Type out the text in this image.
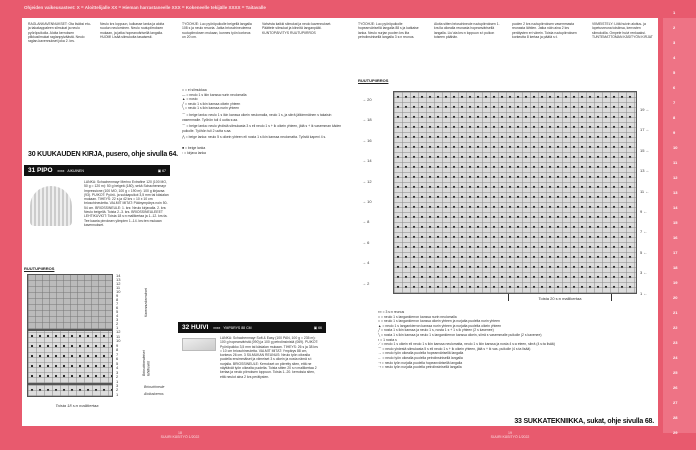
Ohjeiden vaikeusasteet: X = Aloittelijalle XX = Hieman harrastaneelle XXX = Kokeneelle tekijälle XXXX = Taitavalle
RAGLANKAVENNUKSET: Ota lisäksi etu- ja takakappaleen silmukat ja neulo pyöröpuikolla. Aloita kerroksen pilkkusilmukat raglanpylväästä. Neulo raglan-kavennukset joka 2. krs.
Neulo krs loppuun, kulkasse lanka ja aloita ruudun neulominen. Neulo ruutupiirroksen mukaan, ja jatka hopeanvärisellä langalla. HUOM! Lisää silmukoita tasaisesti.
TYÖOHJE: Luo pyöröpuikolle beigellä langalla 108 s ja neulo resoria. Jatka brioschineuleena ruutupiirroksen mukaan, kunnes työn korkeus on 20 cm.
Vahvista kaikki silmukat ja neulo kavennukset. Päättele silmukat ja kiinnitä langanpäät. KUNTOPÄIVITYS RUUTUPIIRROS
30 KUUKAUDEN KIRJA, pusero, ohje sivulla 64.
31 PIPO xxxx AIKUINEN	▣ 67
LANKA: Schachenmayr Merino Extrafine 120 (100 MO, 50 g = 120 m): 50 g beigeä (180), sekä Schachenmayr Impressione (100 MO, 100 g = 190 m): 100 g kirjavaa (93). PUIKOT: Pyörö- ja sukkapuikot 3,5 mm tai käsialan mukaan. TIHEYS: 22 s ja 42 krs = 10 x 10 cm brioschineuletta. VALMIT MITAT: Päänympärys noin 50-54 cm. BRIOSSINEULE: 1. krs: Neulo kirjavalla. 2. krs: Neulo beigellä. Toista 2.-3. krs. BRIOSSINEULEEET LEHTIKUVIOT: Toista 18 s:n mallikertaa ja 1.-12. krs:ta. Tee kaaria pirroksen ylimpien 1.-14. krs:ten mukaan kavennukset.
RUUTUPIIRROS
14
13
12
11
10
9
8
7
6
5
4
3
2
1
12
11
10
9
8
7
6
5
4
3
2
1
3
2
1
Kavennuskerrokset
Brioschineuleiset lehtikuviot
Brioschineule
Aloituskerros
Toista 18 s:n mallikertaa
□ = ei silmukkaa
— = neulo 1 s ikin kanssa nurin neulomalla
▲ = nosto
╱ = neulo 1 s ikin kanssa oikein yhteen
╲ = neulo 1 s ikin kanssa nurin yhteen
⌒ = beige lanka: neulo 1 s ikin kanssa oikein neulomalla, neulo 1 s, ja siirrä jälkimmäinen s takaisin vasemmalle. Työhön tuli 4 uutta s:aa.
⌒ = beige lanka: neulo yhdistä silmukasta 3 s eli neulo 1 s + ik oikein yhteen, jätä s + ik vasemman käden puikolle. Työhön tuli 2 uutta s:aa.
⋀ = beige lanka: neulo 5 s oikein yhteen eli nosta 1 s ikin kanssa neulomatta. Työstä kapeni 4 s.
■ = beige lanka
▫ = kirjava lanka
32 HUIVI xxxx YMPÄRYS 88 CM	▣ 66
LANKA: Schachenmayr Soft & Easy (100 PAN, 100 g = 235 m): 100 g hopeanväristä (090) ja 100 g petrolinsinistä (069). PUIKOT: Pyöröpuikko 3,5 mm tai käsialan mukaan. TIHEYS: 26 s ja 38 krs = 10 cm brioschineuletta. VALMIT MITAT: Ympärys 88 cm, korkeus 26 cm. 3 SILMUKAN REUNUS: Neulo työn oikealla puolella ensimmäiset ja viimeiset 3 s oikein ja nosta nämä s:t nurjalla. BRIOSSINEULE: Kerrokset on piirretty siten, että ne näyttävät työn oikealta puolelta. Toista sitten 20 s:n mallikertaa 2 kertaa ja neulo piirroksen loppuun. Toista 1.-20. kerroksia siten, että neulot aina 2 krs perätysten.
18
SUURI KÄSITYÖ 1/2022
TYÖOHJE: Luo pyöröpuikolle hopeanvärisellä langalla 88 s ja katkaise lanka. Neulo nurjan puolen krs ilta petrolinsinisellä langalla 3 s:n reunus.
Aloita sitten brioschineule ruutupiirroksen 1. krs:lla oikealla reunasta hopeanvärisellä langalla. Liu'uta krs:n loppuun s:t puikon toiseen päähän.
puolen 2 krs ruutupiirroksen vasemmasta reunasta lähtien. Jatka näin aina 2 krs perätysten eri värein. Toista ruutupiirroksen korkeutta 8 kertaa ja päätä s:t.
VIIMEISTELY: Liitä huivin aloitus- ja lopetusreuna toisiinsa, kerrosten silmukoilla. Ompele huivi renkaaksi. TUNTEMATTOMAN KÄSITYÖN KIRJAT
RUUTUPIIRROS
→ 20
→ 18
→ 16
→ 14
→ 12
→ 10
→ 8
→ 6
→ 4
→ 2
19 ←
17 ←
15 ←
13 ←
11 ←
9 ←
7 ←
5 ←
3 ←
1 ←
Toista 20 s:n mallikertaa
▪▪▪ = 3 s:n reunus
□ = neulo 1 s langankierron kanssa nurin neulomalla
□ = neulo 1 s langankierron kanssa oikein yhteen ja nurjalta puolelta nurin yhteen
▲ = neulo 1 s langankierron kanssa nurin yhteen ja nurjalta puolelta oikein yhteen
╱ = nosta 1 s ikin kanssa ja neulo 1 s, nosta 1 s + 1 s ik yhteen (2 s kavenee)
╲ = nosta 1 s ikin kanssa ja neulo 1 s langankierron kanssa oikein, siirrä s vasemmalle puikolle (2 s kavenee)
▪ = 1 nosta s
⟋ = neulo 1 s oikein eli neulo 1 s ikin kanssa neulomatta, neulo 1 s ikin kanssa ja nosta 4 s:a eteen, siirrä (4 s:ta lisää)
⌒ = neulo yhdestä silmukasta 5 s eli neulo 1 s + ik oikein yhteen, jätä s + ik vas. puikolle (4 s:ta lisää)
→ = neulo työn oikealla puolella hopeanvärisellä langalla
← = neulo työn oikealla puolella petrolinsinisellä langalla
⇢ = neulo työn nurjalla puolella hopeanvärisellä langalla
➝ = neulo työn nurjalla puolella petrolinsinisellä langalla
33 SUKKATEKNIIKKA, sukat, ohje sivulla 68.
19
SUURI KÄSITYÖ 1/2022
1
2
3
4
5
6
7
8
9
10
11
12
13
14
15
16
17
18
19
20
21
22
23
24
25
26
27
28
29
